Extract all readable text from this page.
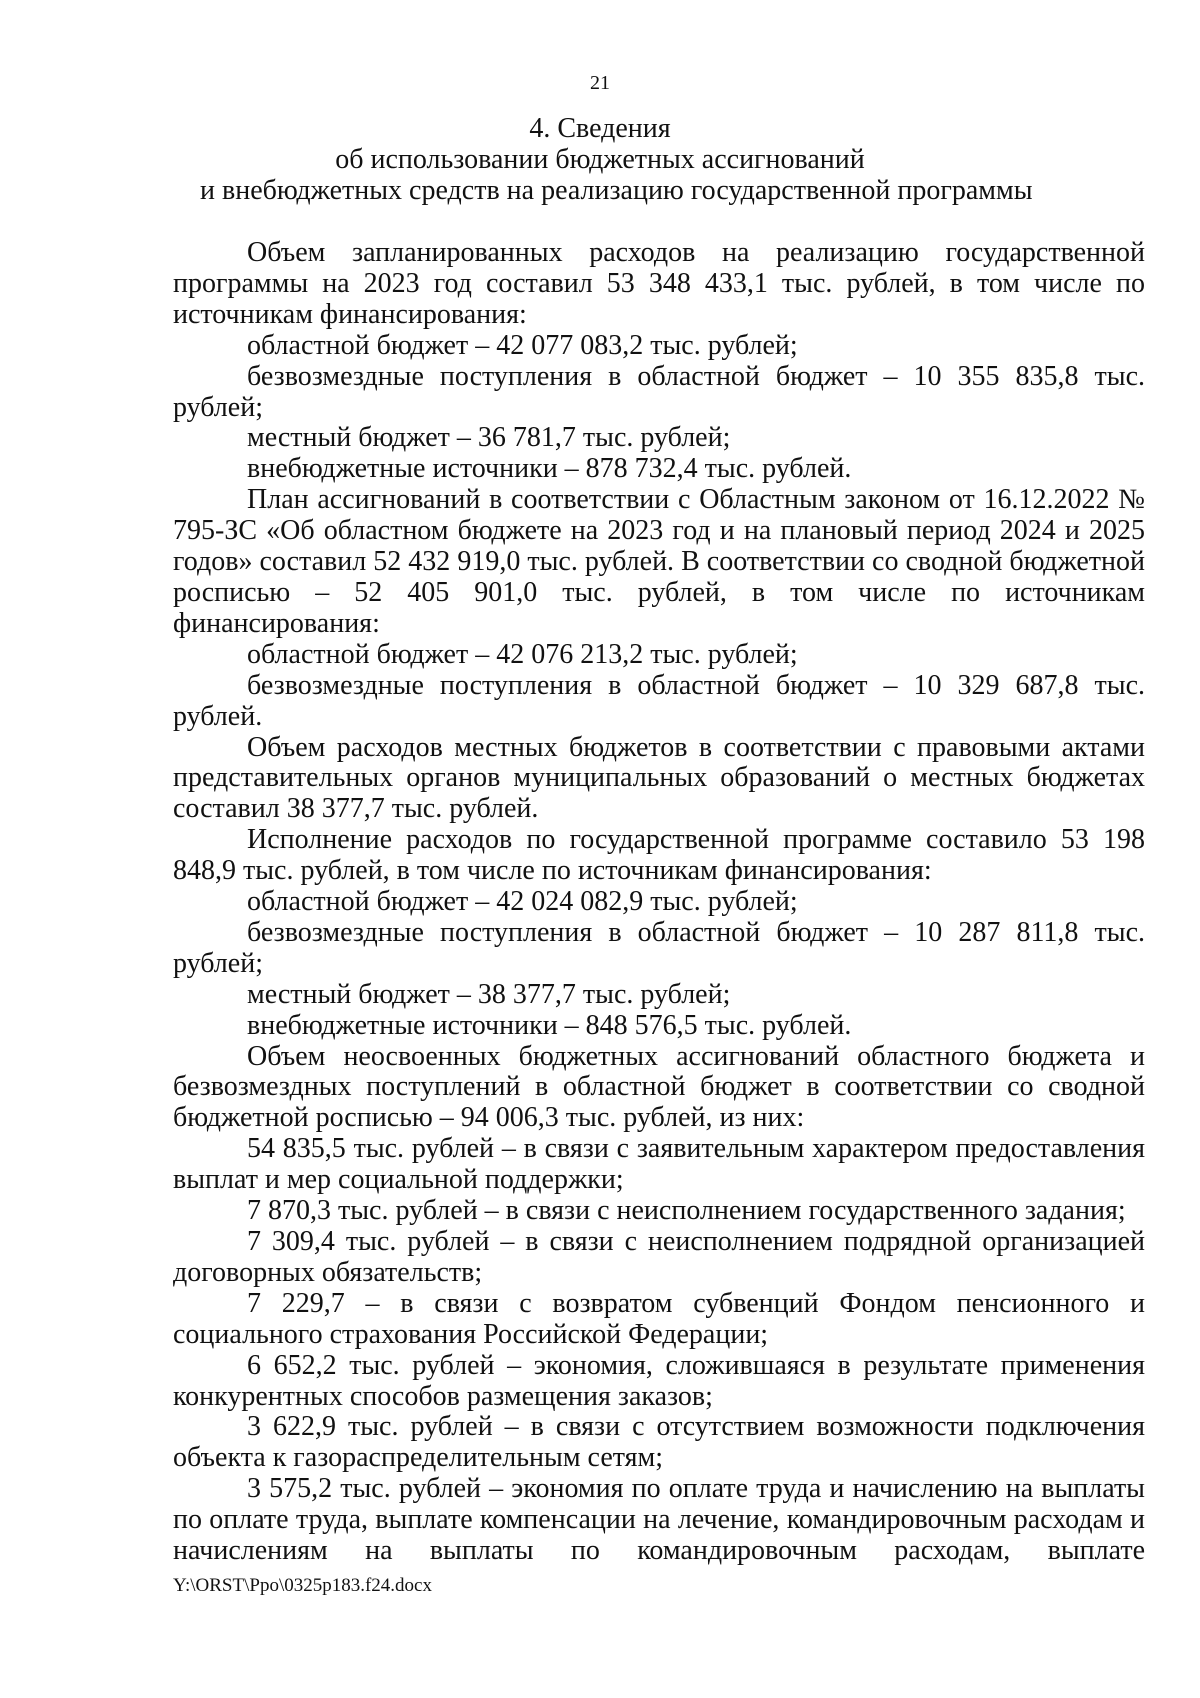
21
4. Сведения
об использовании бюджетных ассигнований
и внебюджетных средств на реализацию государственной программы

Объем запланированных расходов на реализацию государственной программы на 2023 год составил 53 348 433,1 тыс. рублей, в том числе по источникам финансирования:

областной бюджет – 42 077 083,2 тыс. рублей;

безвозмездные поступления в областной бюджет – 10 355 835,8 тыс. рублей;

местный бюджет – 36 781,7 тыс. рублей;

внебюджетные источники – 878 732,4 тыс. рублей.

План ассигнований в соответствии с Областным законом от 16.12.2022 № 795-ЗС «Об областном бюджете на 2023 год и на плановый период 2024 и 2025 годов» составил 52 432 919,0 тыс. рублей. В соответствии со сводной бюджетной росписью – 52 405 901,0 тыс. рублей, в том числе по источникам финансирования:

областной бюджет – 42 076 213,2 тыс. рублей;

безвозмездные поступления в областной бюджет – 10 329 687,8 тыс. рублей.

Объем расходов местных бюджетов в соответствии с правовыми актами представительных органов муниципальных образований о местных бюджетах составил 38 377,7 тыс. рублей.

Исполнение расходов по государственной программе составило 53 198 848,9 тыс. рублей, в том числе по источникам финансирования:

областной бюджет – 42 024 082,9 тыс. рублей;

безвозмездные поступления в областной бюджет – 10 287 811,8 тыс. рублей;

местный бюджет – 38 377,7 тыс. рублей;

внебюджетные источники – 848 576,5 тыс. рублей.

Объем неосвоенных бюджетных ассигнований областного бюджета и безвозмездных поступлений в областной бюджет в соответствии со сводной бюджетной росписью – 94 006,3 тыс. рублей, из них:

54 835,5 тыс. рублей – в связи с заявительным характером предоставления выплат и мер социальной поддержки;

7 870,3 тыс. рублей – в связи с неисполнением государственного задания;

7 309,4 тыс. рублей – в связи с неисполнением подрядной организацией договорных обязательств;

7 229,7 – в связи с возвратом субвенций Фондом пенсионного и социального страхования Российской Федерации;

6 652,2 тыс. рублей – экономия, сложившаяся в результате применения конкурентных способов размещения заказов;

3 622,9 тыс. рублей – в связи с отсутствием возможности подключения объекта к газораспределительным сетям;

3 575,2 тыс. рублей – экономия по оплате труда и начислению на выплаты по оплате труда, выплате компенсации на лечение, командировочным расходам и начислениям на выплаты по командировочным расходам, выплате

Y:\ORST\Ppo\0325p183.f24.docx
